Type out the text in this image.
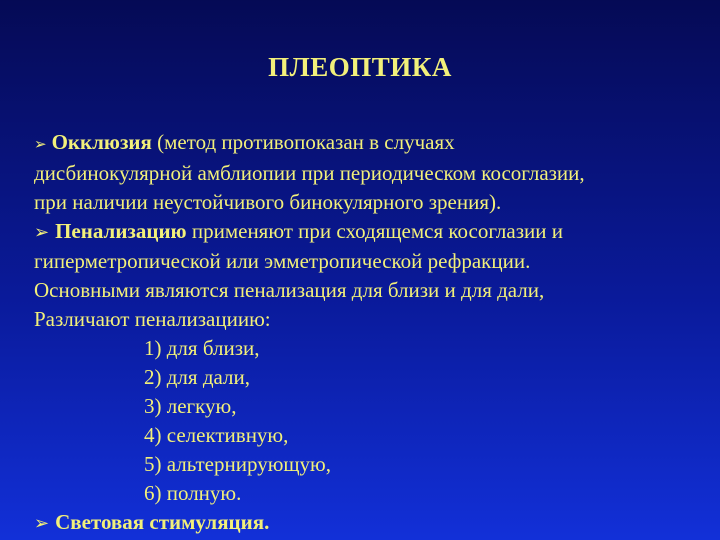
ПЛЕОПТИКА
➢ Окклюзия (метод противопоказан в случаях
дисбинокулярной амблиопии при периодическом косоглазии,
при наличии неустойчивого бинокулярного зрения).
➢ Пенализацию применяют при сходящемся косоглазии и
гиперметропической или эмметропической рефракции.
Основными являются пенализация для близи и для дали,
Различают пенализациию:
1) для близи,
2) для дали,
3) легкую,
4) селективную,
5) альтернирующую,
6) полную.
➢ Световая стимуляция.
